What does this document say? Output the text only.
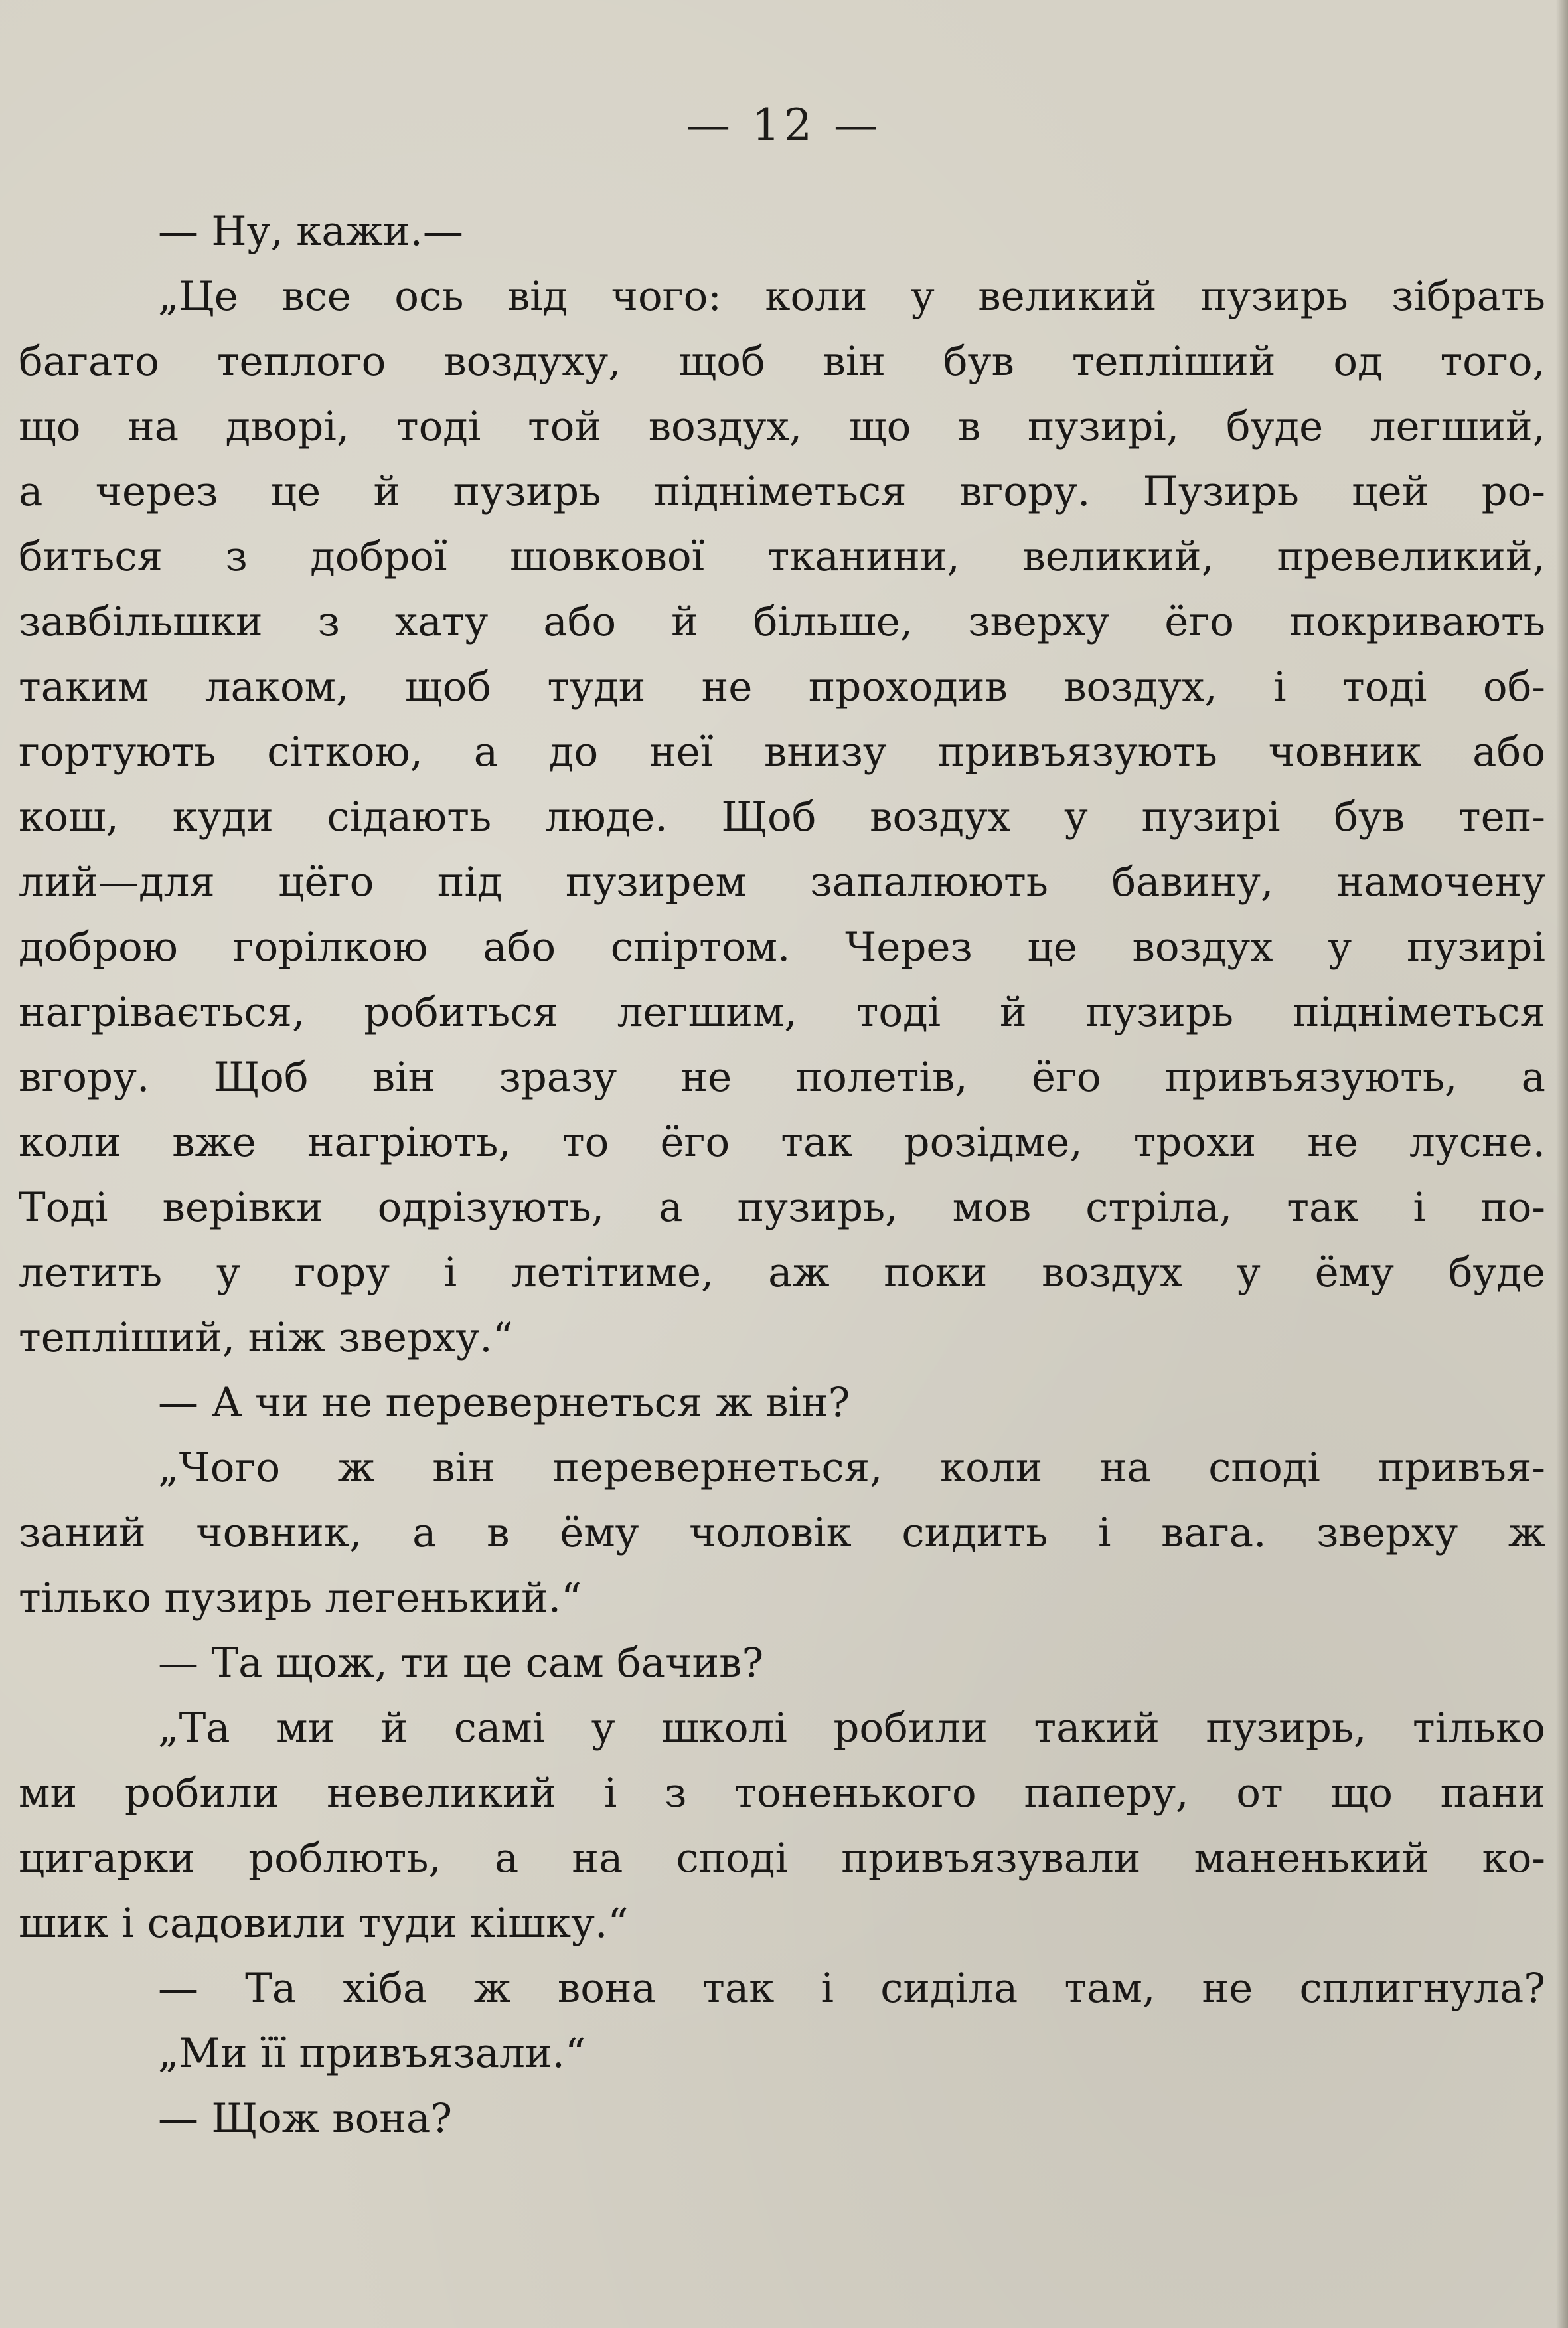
— 12 —
— Ну, кажи.—
„Це все ось від чого: коли у великий пузирь зібрать
багато теплого воздуху, щоб він був тепліший од того,
що на дворі, тоді той воздух, що в пузирі, буде легший,
а через це й пузирь підніметься вгору. Пузирь цей ро-
биться з доброї шовкової тканини, великий, превеликий,
завбільшки з хату або й більше, зверху ёго покривають
таким лаком, щоб туди не проходив воздух, і тоді об-
гортують сіткою, а до неї внизу привъязують човник або
кош, куди сідають люде. Щоб воздух у пузирі був теп-
лий—для цёго під пузирем запалюють бавину, намочену
доброю горілкою або спіртом. Через це воздух у пузирі
нагрівається, робиться легшим, тоді й пузирь підніметься
вгору. Щоб він зразу не полетів, ёго привъязують, а
коли вже нагріють, то ёго так розідме, трохи не лусне.
Тоді верівки одрізують, а пузирь, мов стріла, так і по-
летить у гору і летітиме, аж поки воздух у ёму буде
тепліший, ніж зверху.“
— А чи не перевернеться ж він?
„Чого ж він перевернеться, коли на споді привъя-
заний човник, а в ёму чоловік сидить і вага. зверху ж
тілько пузирь легенький.“
— Та щож, ти це сам бачив?
„Та ми й самі у школі робили такий пузирь, тілько
ми робили невеликий і з тоненького паперу, от що пани
цигарки роблють, а на споді привъязували маненький ко-
шик і садовили туди кішку.“
— Та хіба ж вона так і сиділа там, не сплигнула?
„Ми її привъязали.“
— Щож вона?
